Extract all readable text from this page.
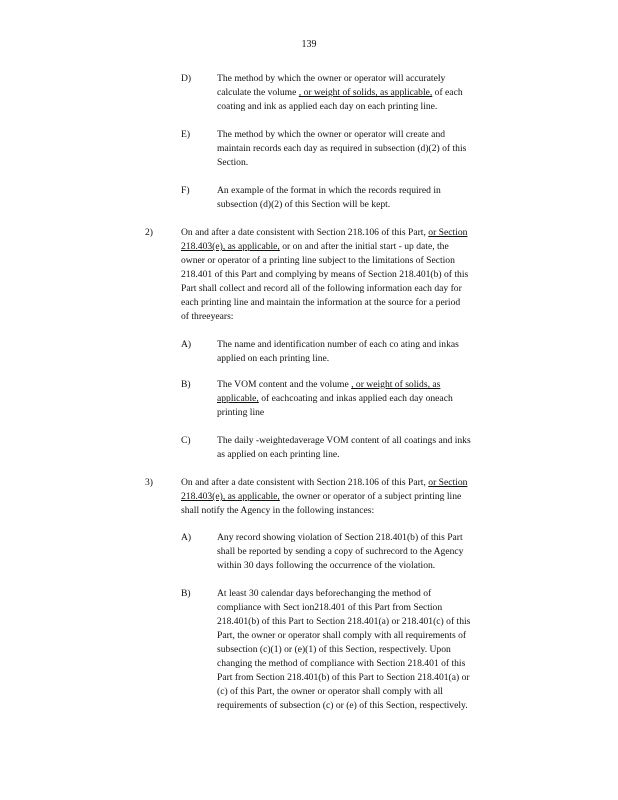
139
D)	The method by which the owner or operator will accurately
calculate the volume , or weight of solids, as applicable, of each
coating and ink as applied each day on each printing line.
E)	The method by which the owner or operator will create and
maintain records each day as required in subsection (d)(2) of this
Section.
F)	An example of the format in which the records required in
subsection (d)(2) of this Section will be kept.
2)	On and after a date consistent with Section 218.106 of this Part, or Section
218.403(e), as applicable, or on and after the initial start - up date, the
owner or operator of a printing line subject to the limitations of Section
218.401 of this Part and complying by means of Section 218.401(b) of this
Part shall collect and record all of the following information each day for
each printing line and maintain the information at the source for a period
of threeyears:
A)	The name and identification number of each co ating and inkas
applied on each printing line.
B)	The VOM content and the volume , or weight of solids, as
applicable, of eachcoating and inkas applied each day oneach
printing line
C)	The daily -weightedaverage VOM content of all coatings and inks
as applied on each printing line.
3)	On and after a date consistent with Section 218.106 of this Part, or Section
218.403(e), as applicable, the owner or operator of a subject printing line
shall notify the Agency in the following instances:
A)	Any record showing violation of Section 218.401(b) of this Part
shall be reported by sending a copy of suchrecord to the Agency
within 30 days following the occurrence of the violation.
B)	At least 30 calendar days beforechanging the method of
compliance with Sect ion218.401 of this Part from Section
218.401(b) of this Part to Section 218.401(a) or 218.401(c) of this
Part, the owner or operator shall comply with all requirements of
subsection (c)(1) or (e)(1) of this Section, respectively. Upon
changing the method of compliance with Section 218.401 of this
Part from Section 218.401(b) of this Part to Section 218.401(a) or
(c) of this Part, the owner or operator shall comply with all
requirements of subsection (c) or (e) of this Section, respectively.
